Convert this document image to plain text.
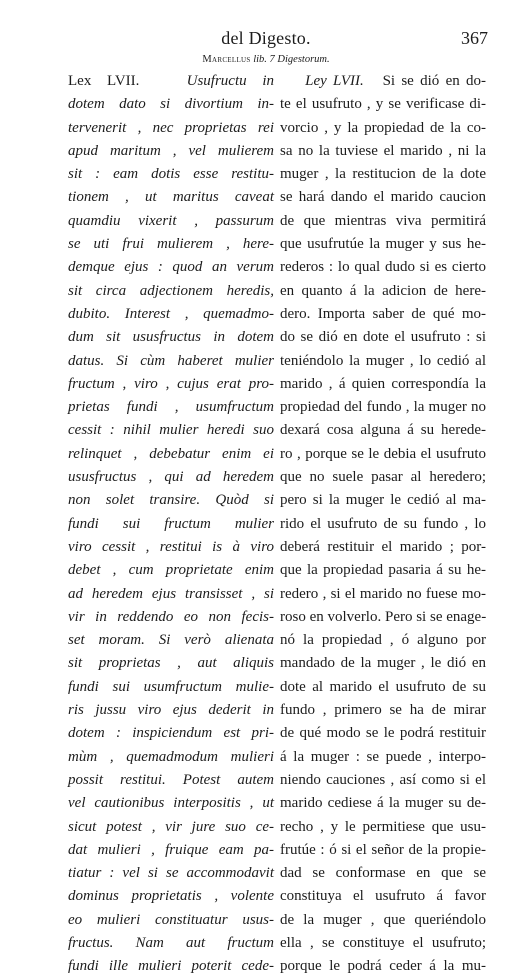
del Digesto.	367
Marcellus lib. 7 Digestorum.
Lex LVII.	Usufructu in
dotem dato si divortium in-
tervenerit , nec proprietas rei
apud maritum , vel mulierem
sit : eam dotis esse restitu-
tionem , ut maritus caveat
quamdiu vixerit , passurum
se uti frui mulierem , here-
demque ejus : quod an verum
sit circa adjectionem heredis,
dubito. Interest , quemadmo-
dum sit ususfructus in dotem
datus. Si cùm haberet mulier
fructum , viro , cujus erat pro-
prietas fundi , usumfructum
cessit : nihil mulier heredi suo
relinquet , debebatur enim ei
ususfructus , qui ad heredem
non solet transire. Quòd si
fundi sui fructum mulier
viro cessit , restitui is à viro
debet , cum proprietate enim
ad heredem ejus transisset , si
vir in reddendo eo non fecis-
set moram. Si verò alienata
sit proprietas , aut aliquis
fundi sui usumfructum mulie-
ris jussu viro ejus dederit in
dotem : inspiciendum est pri-
mùm , quemadmodum mulieri
possit restitui. Potest autem
vel cautionibus interpositis , ut
sicut potest , vir jure suo ce-
dat mulieri , fruique eam pa-
tiatur : vel si se accommodavit
dominus proprietatis , volente
eo mulieri constituatur usus-
fructus. Nam aut fructum
fundi ille mulieri poterit cede-
Ley LVII. Si se dió en do-
te el usufruto , y se verificase di-
vorcio , y la propiedad de la co-
sa no la tuviese el marido , ni la
muger , la restitucion de la dote
se hará dando el marido caucion
de que mientras viva permitirá
que usufrutúe la muger y sus he-
rederos : lo qual dudo si es cierto
en quanto á la adicion de here-
dero. Importa saber de qué mo-
do se dió en dote el usufruto : si
teniéndolo la muger , lo cedió al
marido , á quien correspondía la
propiedad del fundo , la muger no
dexará cosa alguna á su herede-
ro , porque se le debia el usufruto
que no suele pasar al heredero;
pero si la muger le cedió al ma-
rido el usufruto de su fundo , lo
deberá restituir el marido ; por-
que la propiedad pasaria á su he-
redero , si el marido no fuese mo-
roso en volverlo. Pero si se enage-
nó la propiedad , ó alguno por
mandado de la muger , le dió en
dote al marido el usufruto de su
fundo , primero se ha de mirar
de qué modo se le podrá restituir
á la muger : se puede , interpo-
niendo cauciones , así como si el
marido cediese á la muger su de-
recho , y le permitiese que usu-
frutúe : ó si el señor de la propie-
dad se conformase en que se
constituya el usufruto á favor
de la muger , que queriéndolo
ella , se constituye el usufruto;
porque le podrá ceder á la mu-
